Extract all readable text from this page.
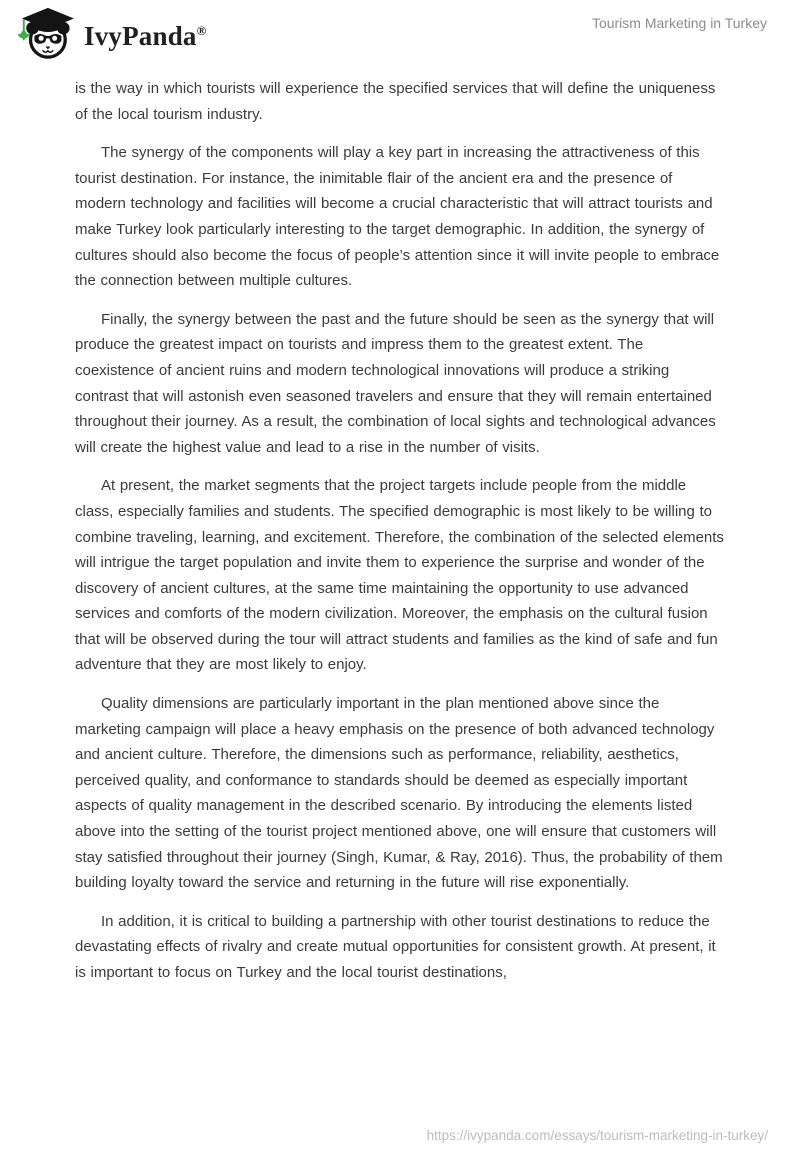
IvyPanda®	Tourism Marketing in Turkey

is the way in which tourists will experience the specified services that will define the uniqueness of the local tourism industry.

The synergy of the components will play a key part in increasing the attractiveness of this tourist destination. For instance, the inimitable flair of the ancient era and the presence of modern technology and facilities will become a crucial characteristic that will attract tourists and make Turkey look particularly interesting to the target demographic. In addition, the synergy of cultures should also become the focus of people’s attention since it will invite people to embrace the connection between multiple cultures.

Finally, the synergy between the past and the future should be seen as the synergy that will produce the greatest impact on tourists and impress them to the greatest extent. The coexistence of ancient ruins and modern technological innovations will produce a striking contrast that will astonish even seasoned travelers and ensure that they will remain entertained throughout their journey. As a result, the combination of local sights and technological advances will create the highest value and lead to a rise in the number of visits.

At present, the market segments that the project targets include people from the middle class, especially families and students. The specified demographic is most likely to be willing to combine traveling, learning, and excitement. Therefore, the combination of the selected elements will intrigue the target population and invite them to experience the surprise and wonder of the discovery of ancient cultures, at the same time maintaining the opportunity to use advanced services and comforts of the modern civilization. Moreover, the emphasis on the cultural fusion that will be observed during the tour will attract students and families as the kind of safe and fun adventure that they are most likely to enjoy.

Quality dimensions are particularly important in the plan mentioned above since the marketing campaign will place a heavy emphasis on the presence of both advanced technology and ancient culture. Therefore, the dimensions such as performance, reliability, aesthetics, perceived quality, and conformance to standards should be deemed as especially important aspects of quality management in the described scenario. By introducing the elements listed above into the setting of the tourist project mentioned above, one will ensure that customers will stay satisfied throughout their journey (Singh, Kumar, & Ray, 2016). Thus, the probability of them building loyalty toward the service and returning in the future will rise exponentially.

In addition, it is critical to building a partnership with other tourist destinations to reduce the devastating effects of rivalry and create mutual opportunities for consistent growth. At present, it is important to focus on Turkey and the local tourist destinations,

https://ivypanda.com/essays/tourism-marketing-in-turkey/
